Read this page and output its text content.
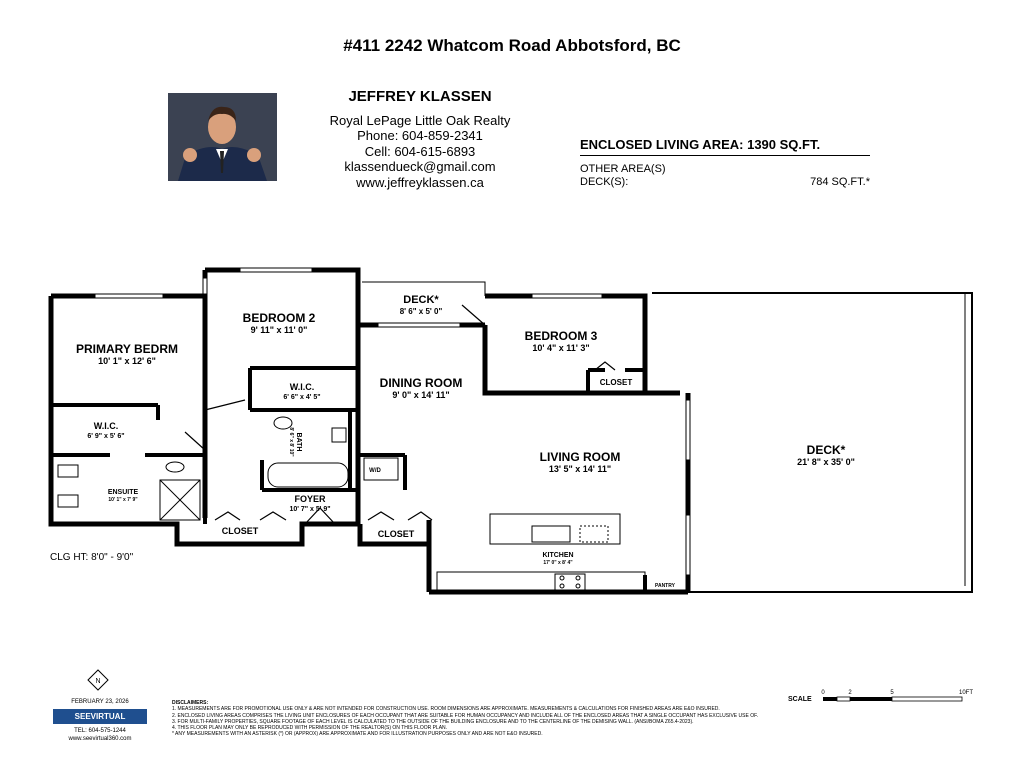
#411 2242 Whatcom Road Abbotsford, BC
JEFFREY KLASSEN
Royal LePage Little Oak Realty
Phone: 604-859-2341
Cell: 604-615-6893
klassendueck@gmail.com
www.jeffreyklassen.ca
ENCLOSED LIVING AREA: 1390 SQ.FT.
OTHER AREA(S)
DECK(S):	784 SQ.FT.*
PRIMARY BEDRM
10' 1" x 12' 6"
BEDROOM 2
9' 11" x 11' 0"
DECK*
8' 6" x 5' 0"
BEDROOM 3
10' 4" x 11' 3"
CLOSET
DINING ROOM
9' 0" x 14' 11"
W.I.C.
6' 6" x 4' 5"
W.I.C.
6' 9" x 5' 6"	BATH
8' 6" x 8' 10"
W/D
ENSUITE
10' 1" x 7' 9"	FOYER
10' 7" x 5' 9"
LIVING ROOM
13' 5" x 14' 11"
DECK*
21' 8" x 35' 0"
CLOSET	CLOSET
KITCHEN
17' 0" x 8' 4"
PANTRY
N
CLG HT: 8'0" - 9'0"
FEBRUARY 23, 2026
SEEVIRTUAL
TEL: 604-575-1244
www.seevirtual360.com
DISCLAIMERS:
1. MEASUREMENTS ARE FOR PROMOTIONAL USE ONLY & ARE NOT INTENDED FOR CONSTRUCTION USE. ROOM DIMENSIONS ARE APPROXIMATE. MEASUREMENTS & CALCULATIONS FOR FINISHED AREAS ARE E&O INSURED.
2. ENCLOSED LIVING AREAS COMPRISES THE LIVING UNIT ENCLOSURES OF EACH OCCUPANT THAT ARE SUITABLE FOR HUMAN OCCUPANCY AND INCLUDE ALL OF THE ENCLOSED AREAS THAT A SINGLE OCCUPANT HAS EXCLUSIVE USE OF.
3. FOR MULTI-FAMILY PROPERTIES, SQUARE FOOTAGE OF EACH LEVEL IS CALCULATED TO THE OUTSIDE OF THE BUILDING ENCLOSURE AND TO THE CENTERLINE OF THE DEMISING WALL. (ANSI/BOMA Z65.4-2023).
4. THIS FLOOR PLAN MAY ONLY BE REPRODUCED WITH PERMISSION OF THE REALTOR(S) ON THIS FLOOR PLAN.
* ANY MEASUREMENTS WITH AN ASTERISK (*) OR (APPROX) ARE APPROXIMATE AND FOR ILLUSTRATION PURPOSES ONLY AND ARE NOT E&O INSURED.
SCALE
0	2	5	10FT
